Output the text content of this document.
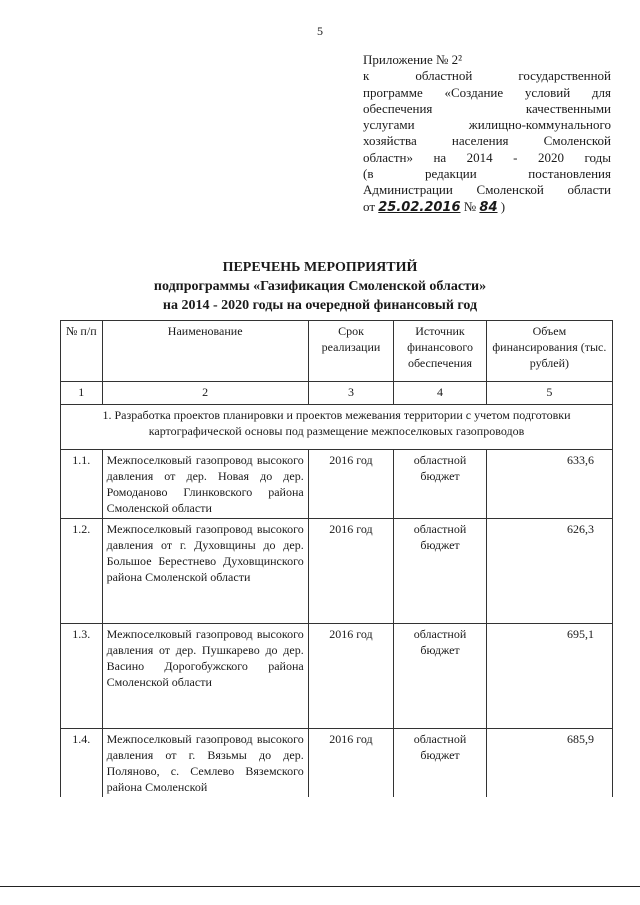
5
Приложение № 2²
к областной государственной
программе «Создание условий для
обеспечения качественными
услугами жилищно-коммунального
хозяйства населения Смоленской
областн» на 2014 - 2020 годы
(в редакции постановления
Администрации Смоленской области
от 25.02.2016 № 84 )
ПЕРЕЧЕНЬ МЕРОПРИЯТИЙ
подпрограммы «Газификация Смоленской области»
на 2014 - 2020 годы на очередной финансовый год
№ п/п	Наименование	Срок реализации	Источник финансового обеспечения	Объем финансирования (тыс. рублей)
1	2	3	4	5
1. Разработка проектов планировки и проектов межевания территории с учетом подготовки картографической основы под размещение межпоселковых газопроводов				
1.1.	Межпоселковый газопровод высокого давления от дер. Новая до дер. Ромоданово Глинковского района Смоленской области	2016 год	областной бюджет	633,6
1.2.	Межпоселковый газопровод высокого давления от г. Духовщины до дер. Большое Берестнево Духовщинского района Смоленской области	2016 год	областной бюджет	626,3
1.3.	Межпоселковый газопровод высокого давления от дер. Пушкарево до дер. Васино Дорогобужского района Смоленской области	2016 год	областной бюджет	695,1
1.4.	Межпоселковый газопровод высокого давления от г. Вязьмы до дер. Поляново, с. Семлево Вяземского района Смоленской	2016 год	областной бюджет	685,9
